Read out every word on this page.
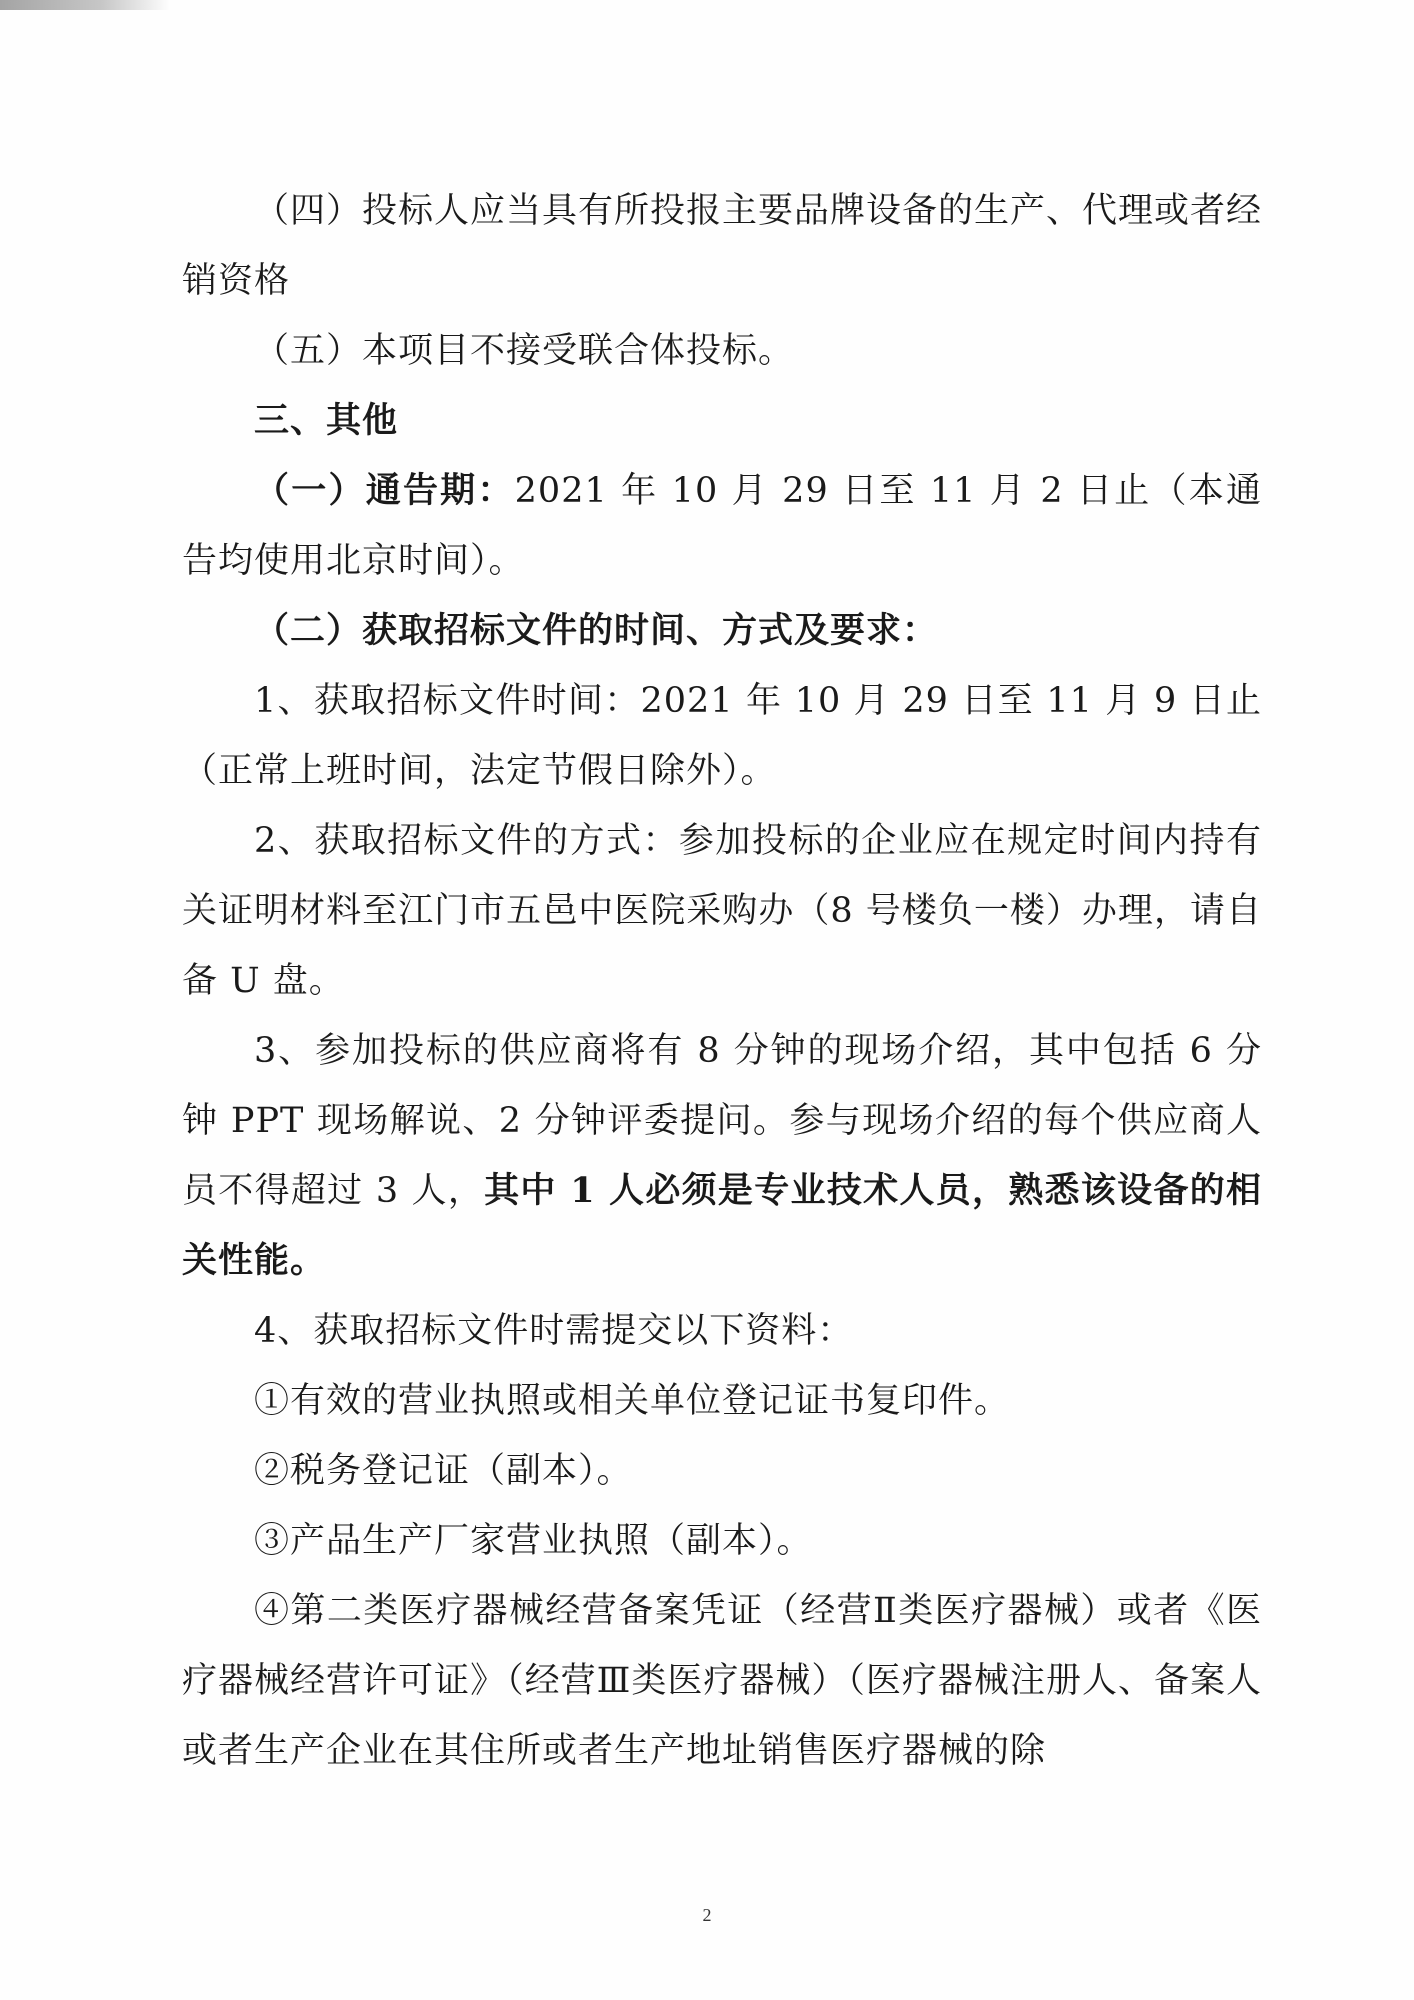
（四）投标人应当具有所投报主要品牌设备的生产、代理或者经销资格

（五）本项目不接受联合体投标。

三、其他

（一）通告期：2021 年 10 月 29 日至 11 月 2 日止（本通告均使用北京时间）。

（二）获取招标文件的时间、方式及要求：

1、获取招标文件时间：2021 年 10 月 29 日至 11 月 9 日止（正常上班时间，法定节假日除外）。

2、获取招标文件的方式：参加投标的企业应在规定时间内持有关证明材料至江门市五邑中医院采购办（8 号楼负一楼）办理，请自备 U 盘。

3、参加投标的供应商将有 8 分钟的现场介绍，其中包括 6 分钟 PPT 现场解说、2 分钟评委提问。参与现场介绍的每个供应商人员不得超过 3 人，其中 1 人必须是专业技术人员，熟悉该设备的相关性能。

4、获取招标文件时需提交以下资料：

①有效的营业执照或相关单位登记证书复印件。

②税务登记证（副本）。

③产品生产厂家营业执照（副本）。

④第二类医疗器械经营备案凭证（经营Ⅱ类医疗器械）或者《医疗器械经营许可证》（经营Ⅲ类医疗器械）（医疗器械注册人、备案人或者生产企业在其住所或者生产地址销售医疗器械的除

2
